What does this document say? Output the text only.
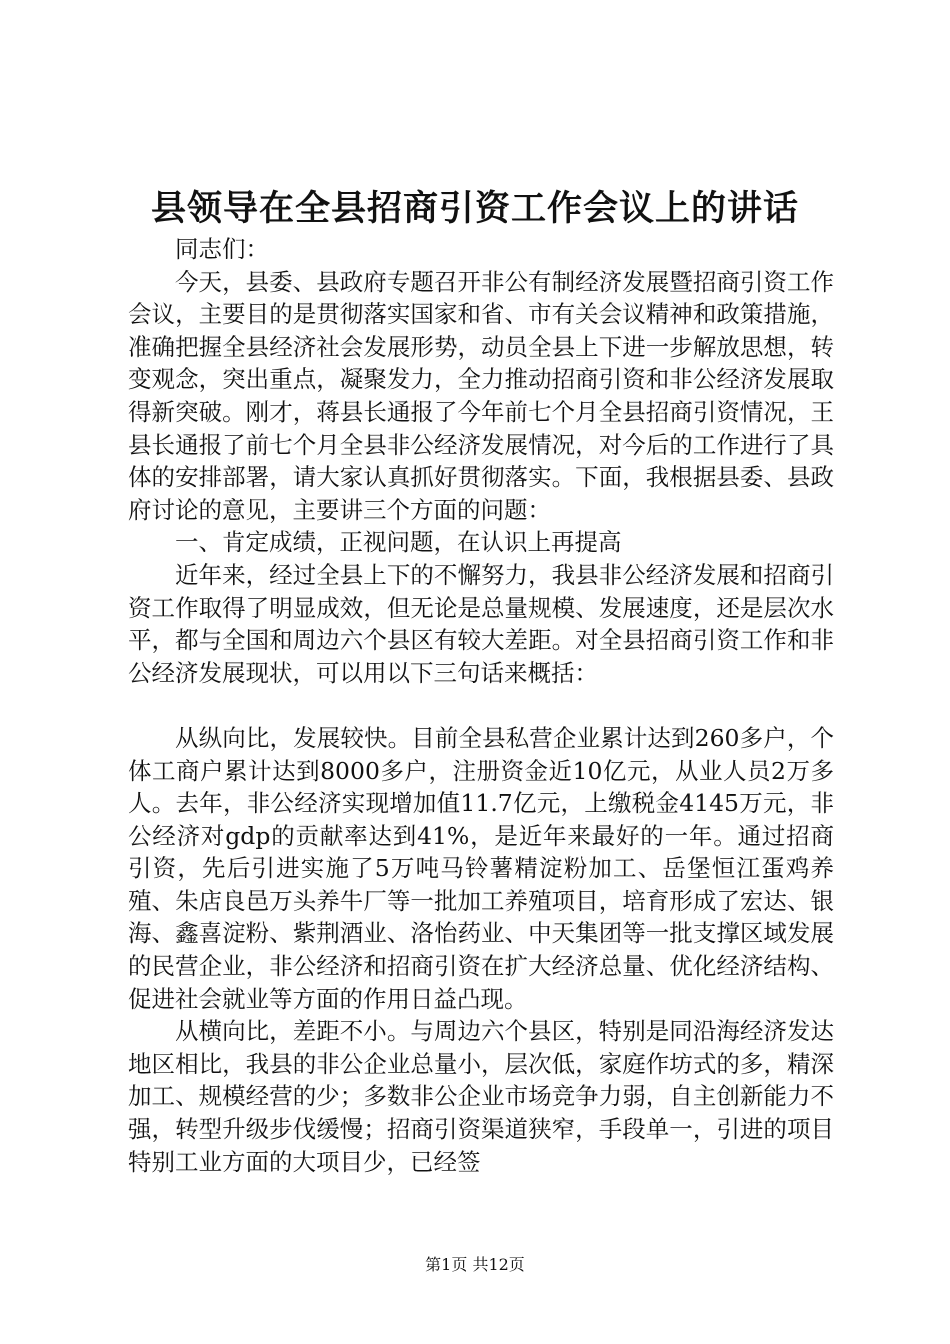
县领导在全县招商引资工作会议上的讲话

同志们：

今天，县委、县政府专题召开非公有制经济发展暨招商引资工作会议，主要目的是贯彻落实国家和省、市有关会议精神和政策措施，准确把握全县经济社会发展形势，动员全县上下进一步解放思想，转变观念，突出重点，凝聚发力，全力推动招商引资和非公经济发展取得新突破。刚才，蒋县长通报了今年前七个月全县招商引资情况，王县长通报了前七个月全县非公经济发展情况，对今后的工作进行了具体的安排部署，请大家认真抓好贯彻落实。下面，我根据县委、县政府讨论的意见，主要讲三个方面的问题：

一、肯定成绩，正视问题，在认识上再提高

近年来，经过全县上下的不懈努力，我县非公经济发展和招商引资工作取得了明显成效，但无论是总量规模、发展速度，还是层次水平，都与全国和周边六个县区有较大差距。对全县招商引资工作和非公经济发展现状，可以用以下三句话来概括：

从纵向比，发展较快。目前全县私营企业累计达到260多户，个体工商户累计达到8000多户，注册资金近10亿元，从业人员2万多人。去年，非公经济实现增加值11.7亿元，上缴税金4145万元，非公经济对gdp的贡献率达到41%，是近年来最好的一年。通过招商引资，先后引进实施了5万吨马铃薯精淀粉加工、岳堡恒江蛋鸡养殖、朱店良邑万头养牛厂等一批加工养殖项目，培育形成了宏达、银海、鑫喜淀粉、紫荆酒业、洛怡药业、中天集团等一批支撑区域发展的民营企业，非公经济和招商引资在扩大经济总量、优化经济结构、促进社会就业等方面的作用日益凸现。

从横向比，差距不小。与周边六个县区，特别是同沿海经济发达地区相比，我县的非公企业总量小，层次低，家庭作坊式的多，精深加工、规模经营的少；多数非公企业市场竞争力弱，自主创新能力不强，转型升级步伐缓慢；招商引资渠道狭窄，手段单一，引进的项目特别工业方面的大项目少，已经签

第1页 共12页
